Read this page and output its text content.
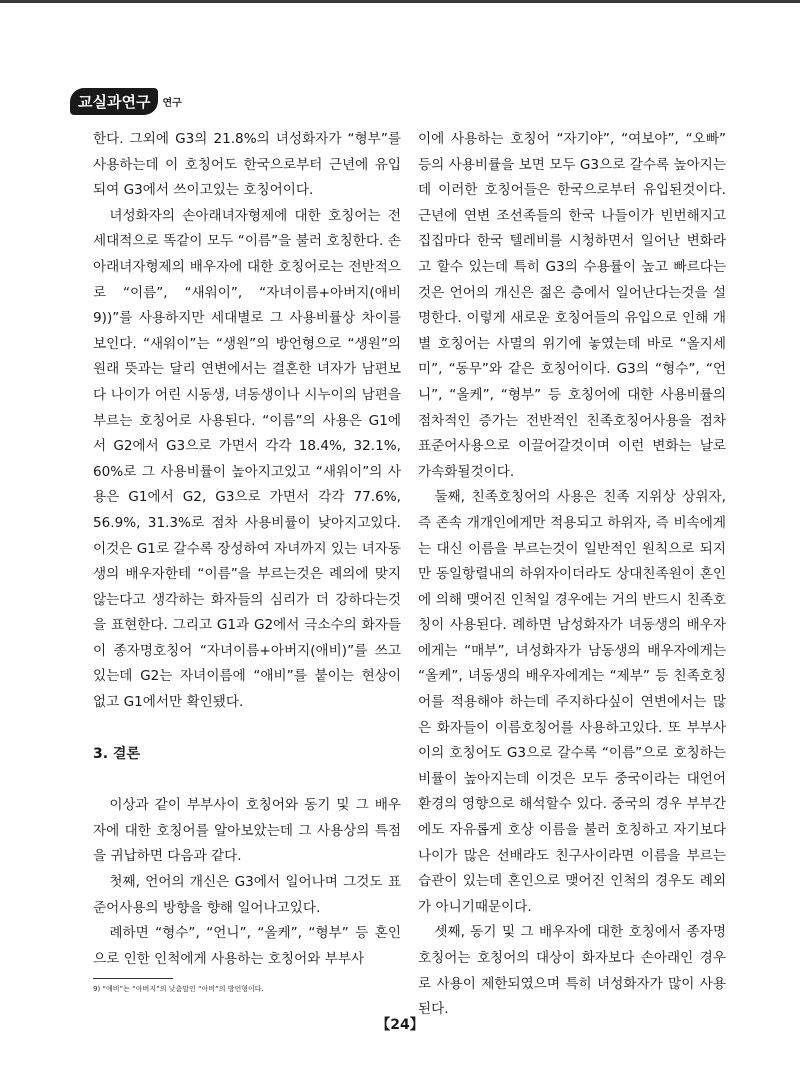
교실과연구	연구

한다. 그외에 G3의 21.8%의 녀성화자가 “형부”를 사용하는데 이 호칭어도 한국으로부터 근년에 유입되여 G3에서 쓰이고있는 호칭어이다.

녀성화자의 손아래녀자형제에 대한 호칭어는 전 세대적으로 똑같이 모두 “이름”을 불러 호칭한다. 손아래녀자형제의 배우자에 대한 호칭어로는 전반적으로 “이름”, “새워이”, “자녀이름+아버지(애비9))”를 사용하지만 세대별로 그 사용비률상 차이를 보인다. “새워이”는 “생원”의 방언형으로 “생원”의 원래 뜻과는 달리 연변에서는 결혼한 녀자가 남편보다 나이가 어린 시동생, 녀동생이나 시누이의 남편을 부르는 호칭어로 사용된다. “이름”의 사용은 G1에서 G2에서 G3으로 가면서 각각 18.4%, 32.1%, 60%로 그 사용비률이 높아지고있고 “새워이”의 사용은 G1에서 G2, G3으로 가면서 각각 77.6%, 56.9%, 31.3%로 점차 사용비률이 낮아지고있다. 이것은 G1로 갈수록 장성하여 자녀까지 있는 녀자동생의 배우자한테 “이름”을 부르는것은 례의에 맞지 않는다고 생각하는 화자들의 심리가 더 강하다는것을 표현한다. 그리고 G1과 G2에서 극소수의 화자들이 종자명호칭어 “자녀이름+아버지(애비)”를 쓰고있는데 G2는 자녀이름에 “애비”를 붙이는 현상이 없고 G1에서만 확인됐다.

3. 결론

이상과 같이 부부사이 호칭어와 동기 및 그 배우자에 대한 호칭어를 알아보았는데 그 사용상의 특점을 귀납하면 다음과 같다.

첫째, 언어의 개신은 G3에서 일어나며 그것도 표준어사용의 방향을 향해 일어나고있다.

례하면 “형수”, “언니”, “올케”, “형부” 등 혼인으로 인한 인척에게 사용하는 호칭어와 부부사

이에 사용하는 호칭어 “자기야”, “여보야”, “오빠” 등의 사용비률을 보면 모두 G3으로 갈수록 높아지는데 이러한 호칭어들은 한국으로부터 유입된것이다. 근년에 연변 조선족들의 한국 나들이가 빈번해지고 집집마다 한국 텔레비를 시청하면서 일어난 변화라고 할수 있는데 특히 G3의 수용률이 높고 빠르다는것은 언어의 개신은 젊은 층에서 일어난다는것을 설명한다. 이렇게 새로운 호칭어들의 유입으로 인해 개별 호칭어는 사멸의 위기에 놓였는데 바로 “올지세미”, “동무”와 같은 호칭어이다. G3의 “형수”, “언니”, “올케”, “형부” 등 호칭어에 대한 사용비률의 점차적인 증가는 전반적인 친족호칭어사용을 점차 표준어사용으로 이끌어갈것이며 이런 변화는 날로 가속화될것이다.

둘째, 친족호칭어의 사용은 친족 지위상 상위자, 즉 존속 개개인에게만 적용되고 하위자, 즉 비속에게는 대신 이름을 부르는것이 일반적인 원칙으로 되지만 동일항렬내의 하위자이더라도 상대친족원이 혼인에 의해 맺어진 인척일 경우에는 거의 반드시 친족호칭이 사용된다. 례하면 남성화자가 녀동생의 배우자에게는 “매부”, 녀성화자가 남동생의 배우자에게는 “올케”, 녀동생의 배우자에게는 “제부” 등 친족호칭어를 적용해야 하는데 주지하다싶이 연변에서는 많은 화자들이 이름호칭어를 사용하고있다. 또 부부사이의 호칭어도 G3으로 갈수록 “이름”으로 호칭하는 비률이 높아지는데 이것은 모두 중국이라는 대언어환경의 영향으로 해석할수 있다. 중국의 경우 부부간에도 자유롭게 호상 이름을 불러 호칭하고 자기보다 나이가 많은 선배라도 친구사이라면 이름을 부르는 습관이 있는데 혼인으로 맺어진 인척의 경우도 례외가 아니기때문이다.

셋째, 동기 및 그 배우자에 대한 호칭에서 종자명호칭어는 호칭어의 대상이 화자보다 손아래인 경우로 사용이 제한되였으며 특히 녀성화자가 많이 사용된다.

9) “애비”는 “아버지”의 낮춤말인 “아비”의 방언형이다.
【24】
